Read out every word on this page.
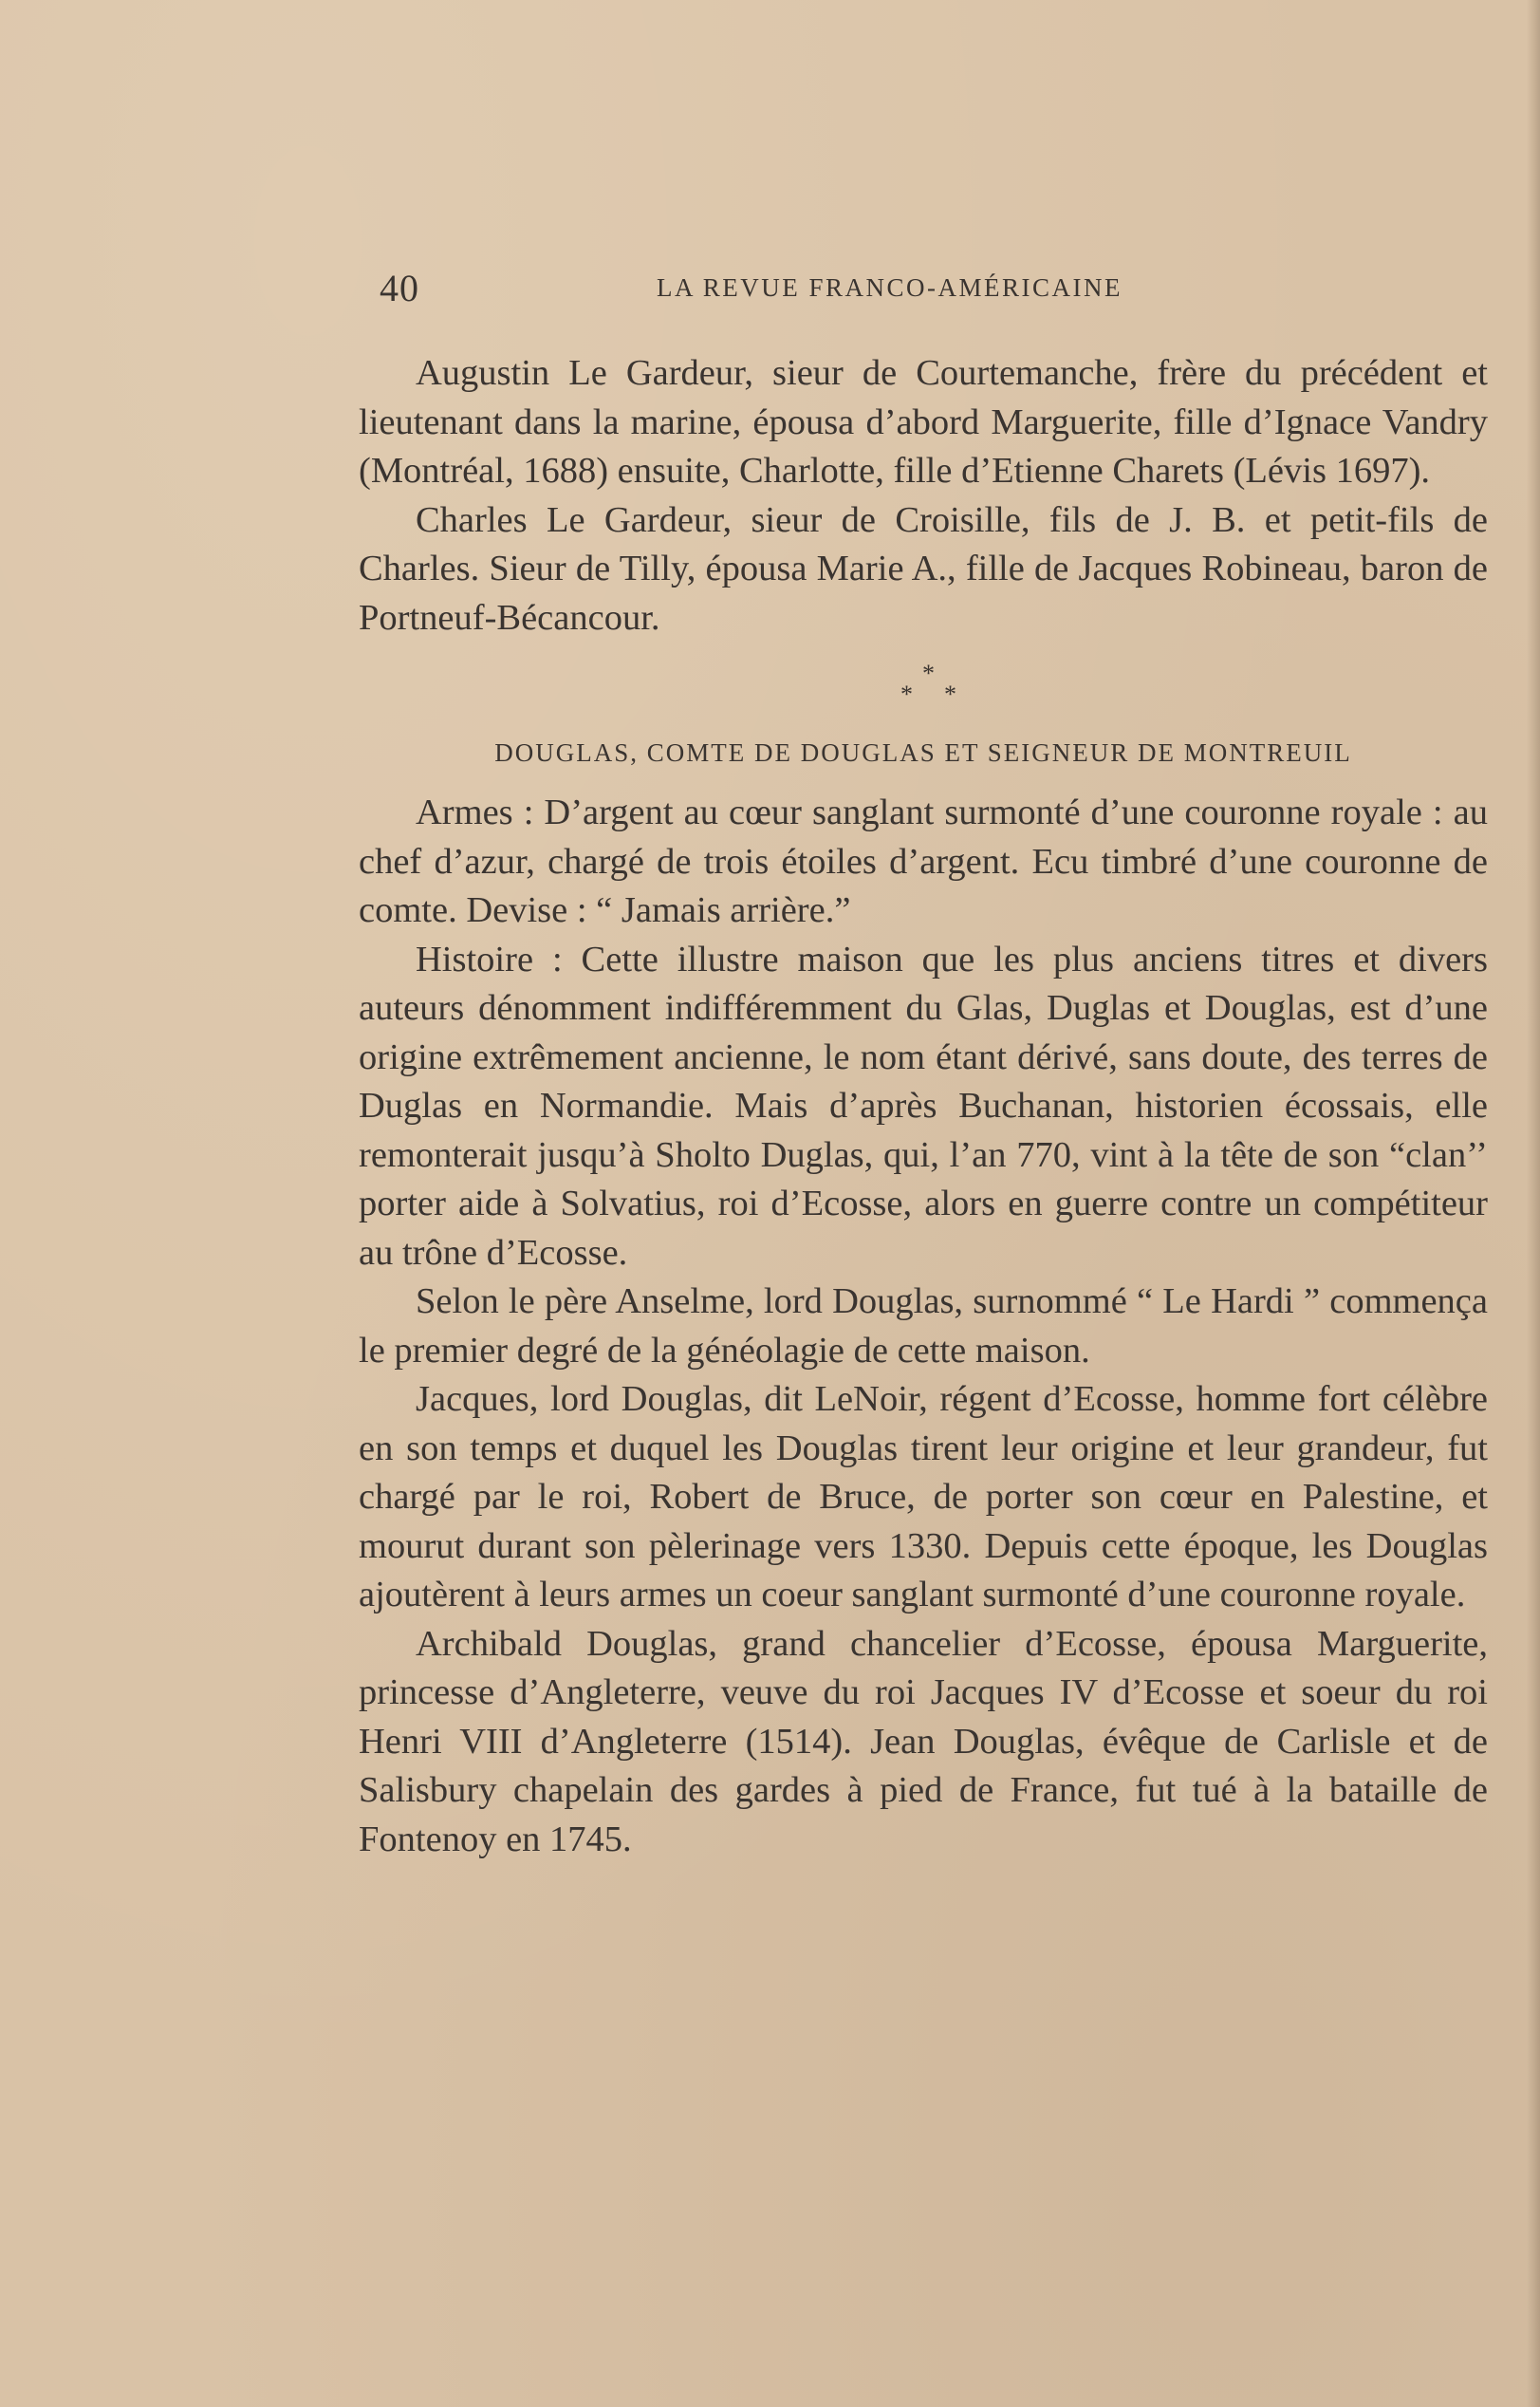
40	LA REVUE FRANCO-AMÉRICAINE

Augustin Le Gardeur, sieur de Courtemanche, frère du précédent et lieutenant dans la marine, épousa d’abord Marguerite, fille d’Ignace Vandry (Montréal, 1688) ensuite, Charlotte, fille d’Etienne Charets (Lévis 1697).

Charles Le Gardeur, sieur de Croisille, fils de J. B. et petit-fils de Charles. Sieur de Tilly, épousa Marie A., fille de Jacques Robineau, baron de Portneuf-Bécancour.

*
* *
DOUGLAS, COMTE DE DOUGLAS ET SEIGNEUR DE MONTREUIL

Armes : D’argent au cœur sanglant surmonté d’une couronne royale : au chef d’azur, chargé de trois étoiles d’argent. Ecu timbré d’une couronne de comte. Devise : “ Jamais arrière.”

Histoire : Cette illustre maison que les plus anciens titres et divers auteurs dénomment indifféremment du Glas, Duglas et Douglas, est d’une origine extrêmement ancienne, le nom étant dérivé, sans doute, des terres de Duglas en Normandie. Mais d’après Buchanan, historien écossais, elle remonterait jusqu’à Sholto Duglas, qui, l’an 770, vint à la tête de son “clan’’ porter aide à Solvatius, roi d’Ecosse, alors en guerre contre un compétiteur au trône d’Ecosse.

Selon le père Anselme, lord Douglas, surnommé “ Le Hardi ” commença le premier degré de la généolagie de cette maison.

Jacques, lord Douglas, dit LeNoir, régent d’Ecosse, homme fort célèbre en son temps et duquel les Douglas tirent leur origine et leur grandeur, fut chargé par le roi, Robert de Bruce, de porter son cœur en Palestine, et mourut durant son pèlerinage vers 1330. Depuis cette époque, les Douglas ajoutèrent à leurs armes un coeur sanglant surmonté d’une couronne royale.

Archibald Douglas, grand chancelier d’Ecosse, épousa Marguerite, princesse d’Angleterre, veuve du roi Jacques IV d’Ecosse et soeur du roi Henri VIII d’Angleterre (1514). Jean Douglas, évêque de Carlisle et de Salisbury chapelain des gardes à pied de France, fut tué à la bataille de Fontenoy en 1745.
